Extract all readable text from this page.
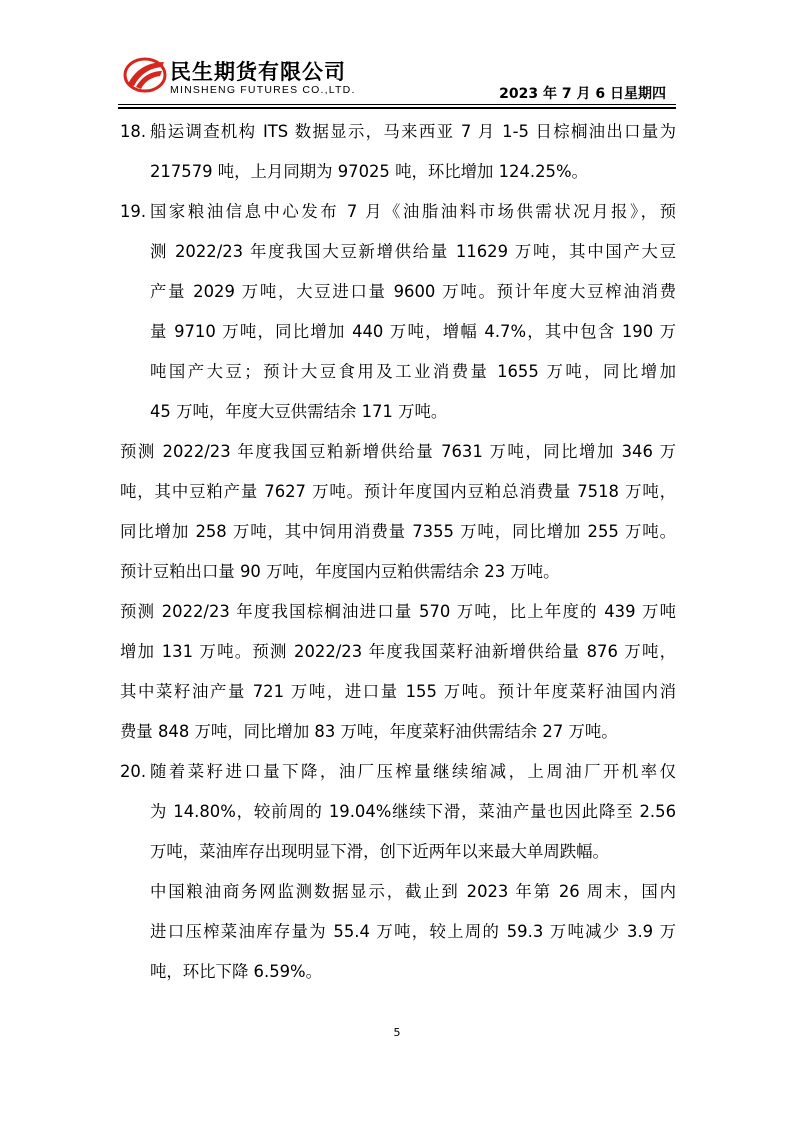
民生期货有限公司
MINSHENG FUTURES CO.,LTD.	2023 年 7 月 6 日星期四
18. 船运调查机构 ITS 数据显示，马来西亚 7 月 1-5 日棕榈油出口量为

217579 吨，上月同期为 97025 吨，环比增加 124.25%。

19. 国家粮油信息中心发布 7 月《油脂油料市场供需状况月报》，预

测 2022/23 年度我国大豆新增供给量 11629 万吨，其中国产大豆

产量 2029 万吨，大豆进口量 9600 万吨。预计年度大豆榨油消费

量 9710 万吨，同比增加 440 万吨，增幅 4.7%，其中包含 190 万

吨国产大豆；预计大豆食用及工业消费量 1655 万吨，同比增加

45 万吨，年度大豆供需结余 171 万吨。

预测 2022/23 年度我国豆粕新增供给量 7631 万吨，同比增加 346 万

吨，其中豆粕产量 7627 万吨。预计年度国内豆粕总消费量 7518 万吨，

同比增加 258 万吨，其中饲用消费量 7355 万吨，同比增加 255 万吨。

预计豆粕出口量 90 万吨，年度国内豆粕供需结余 23 万吨。

预测 2022/23 年度我国棕榈油进口量 570 万吨，比上年度的 439 万吨

增加 131 万吨。预测 2022/23 年度我国菜籽油新增供给量 876 万吨，

其中菜籽油产量 721 万吨，进口量 155 万吨。预计年度菜籽油国内消

费量 848 万吨，同比增加 83 万吨，年度菜籽油供需结余 27 万吨。

20. 随着菜籽进口量下降，油厂压榨量继续缩减，上周油厂开机率仅

为 14.80%，较前周的 19.04%继续下滑，菜油产量也因此降至 2.56

万吨，菜油库存出现明显下滑，创下近两年以来最大单周跌幅。

中国粮油商务网监测数据显示，截止到 2023 年第 26 周末，国内

进口压榨菜油库存量为 55.4 万吨，较上周的 59.3 万吨减少 3.9 万

吨，环比下降 6.59%。

5
